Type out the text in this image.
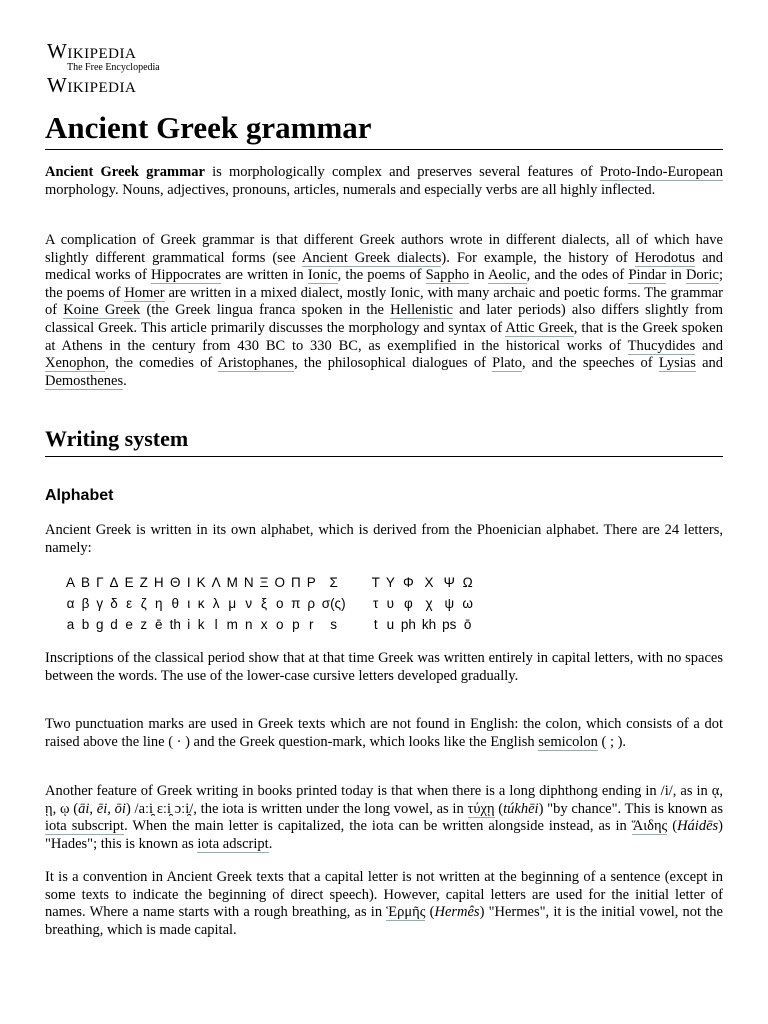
Wikipedia
The Free Encyclopedia
Wikipedia
Ancient Greek grammar

Ancient Greek grammar is morphologically complex and preserves several features of Proto-Indo-European morphology. Nouns, adjectives, pronouns, articles, numerals and especially verbs are all highly inflected.

A complication of Greek grammar is that different Greek authors wrote in different dialects, all of which have slightly different grammatical forms (see Ancient Greek dialects). For example, the history of Herodotus and medical works of Hippocrates are written in Ionic, the poems of Sappho in Aeolic, and the odes of Pindar in Doric; the poems of Homer are written in a mixed dialect, mostly Ionic, with many archaic and poetic forms. The grammar of Koine Greek (the Greek lingua franca spoken in the Hellenistic and later periods) also differs slightly from classical Greek. This article primarily discusses the morphology and syntax of Attic Greek, that is the Greek spoken at Athens in the century from 430 BC to 330 BC, as exemplified in the historical works of Thucydides and Xenophon, the comedies of Aristophanes, the philosophical dialogues of Plato, and the speeches of Lysias and Demosthenes.

Writing system
Alphabet

Ancient Greek is written in its own alphabet, which is derived from the Phoenician alphabet. There are 24 letters, namely:

Α	Β	Γ	Δ	Ε	Ζ	Η	Θ	Ι	Κ	Λ	Μ	Ν	Ξ	Ο	Π	Ρ	Σ		Τ	Υ	Φ	Χ	Ψ	Ω
α	β	γ	δ	ε	ζ	η	θ	ι	κ	λ	μ	ν	ξ	ο	π	ρ	σ(ς)		τ	υ	φ	χ	ψ	ω
a	b	g	d	e	z	ē	th	i	k	l	m	n	x	o	p	r	s		t	u	ph	kh	ps	ō

Inscriptions of the classical period show that at that time Greek was written entirely in capital letters, with no spaces between the words. The use of the lower-case cursive letters developed gradually.

Two punctuation marks are used in Greek texts which are not found in English: the colon, which consists of a dot raised above the line ( · ) and the Greek question-mark, which looks like the English semicolon ( ; ).

Another feature of Greek writing in books printed today is that when there is a long diphthong ending in /i/, as in ᾳ, ῃ, ῳ (āi, ēi, ōi) /aːi̯ ɛːi̯ ɔːi̯/, the iota is written under the long vowel, as in τύχῃ (túkhēi) "by chance". This is known as iota subscript. When the main letter is capitalized, the iota can be written alongside instead, as in Ἅιδης (Háidēs) "Hades"; this is known as iota adscript.

It is a convention in Ancient Greek texts that a capital letter is not written at the beginning of a sentence (except in some texts to indicate the beginning of direct speech). However, capital letters are used for the initial letter of names. Where a name starts with a rough breathing, as in Ἑρμῆς (Hermês) "Hermes", it is the initial vowel, not the breathing, which is made capital.
